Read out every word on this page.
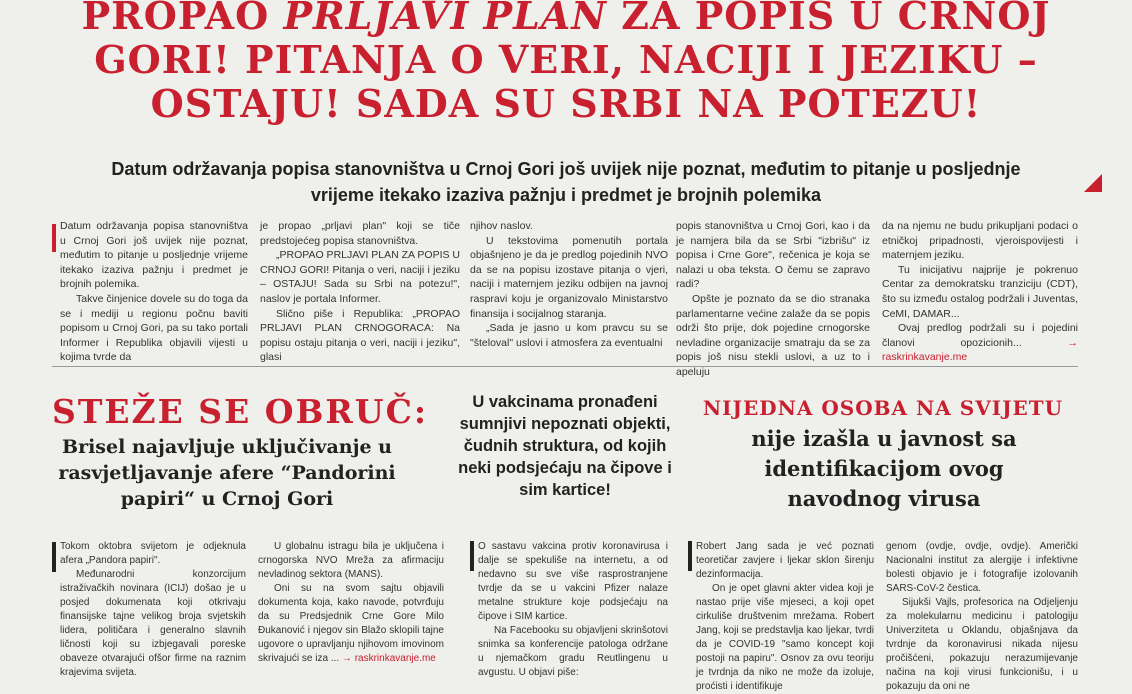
PROPAO PRLJAVI PLAN ZA POPIS U CRNOJ
GORI! PITANJA O VERI, NACIJI I JEZIKU –
OSTAJU! SADA SU SRBI NA POTEZU!
Datum održavanja popisa stanovništva u Crnoj Gori još uvijek nije poznat, međutim to pitanje u posljednje vrijeme itekako izaziva pažnju i predmet je brojnih polemika

Datum održavanja popisa stanovništva u Crnoj Gori još uvijek nije poznat, međutim to pitanje u posljednje vrijeme itekako izaziva pažnju i predmet je brojnih polemika.

Takve činjenice dovele su do toga da se i mediji u regionu počnu baviti popisom u Crnoj Gori, pa su tako portali Informer i Republika objavili vijesti u kojima tvrde da

je propao „prljavi plan" koji se tiče predstojećeg popisa stanovništva.

„PROPAO PRLJAVI PLAN ZA POPIS U CRNOJ GORI! Pitanja o veri, naciji i jeziku – OSTAJU! Sada su Srbi na potezu!", naslov je portala Informer.

Slično piše i Republika: „PROPAO PRLJAVI PLAN CRNOGORACA: Na popisu ostaju pitanja o veri, naciji i jeziku", glasi

njihov naslov.

U tekstovima pomenutih portala objašnjeno je da je predlog pojedinih NVO da se na popisu izostave pitanja o vjeri, naciji i maternjem jeziku odbijen na javnoj raspravi koju je organizovalo Ministarstvo finansija i socijalnog staranja.

„Sada je jasno u kom pravcu su se "šteloval" uslovi i atmosfera za eventualni

popis stanovništva u Crnoj Gori, kao i da je namjera bila da se Srbi "izbrišu" iz popisa i Crne Gore", rečenica je koja se nalazi u oba teksta. O čemu se zapravo radi?

Opšte je poznato da se dio stranaka parlamentarne većine zalaže da se popis održi što prije, dok pojedine crnogorske nevladine organizacije smatraju da se za popis još nisu stekli uslovi, a uz to i apeluju

da na njemu ne budu prikupljani podaci o etničkoj pripadnosti, vjeroispovijesti i maternjem jeziku.

Tu inicijativu najprije je pokrenuo Centar za demokratsku tranziciju (CDT), što su između ostalog podržali i Juventas, CeMI, DAMAR...

Ovaj predlog podržali su i pojedini članovi opozicionih...	→ raskrinkavanje.me

STEŽE SE OBRUČ:
Brisel najavljuje uključivanje u rasvjetljavanje afere “Pandorini papiri“ u Crnoj Gori

Tokom oktobra svijetom je odjeknula afera „Pandora papiri".

Međunarodni konzorcijum istraživačkih novinara (ICIJ) došao je u posjed dokumenata koji otkrivaju finansijske tajne velikog broja svjetskih lidera, političara i generalno slavnih ličnosti koji su izbjegavali poreske obaveze otvarajući ofšor firme na raznim krajevima svijeta.

U globalnu istragu bila je uključena i crnogorska NVO Mreža za afirmaciju nevladinog sektora (MANS).

Oni su na svom sajtu objavili dokumenta koja, kako navode, potvrđuju da su Predsjednik Crne Gore Milo Đukanović i njegov sin Blažo sklopili tajne ugovore o upravljanju njihovom imovinom skrivajući se iza ... → raskrinkavanje.me

U vakcinama pronađeni sumnjivi nepoznati objekti, čudnih struktura, od kojih neki podsjećaju na čipove i sim kartice!

O sastavu vakcina protiv koronavirusa i dalje se spekuliše na internetu, a od nedavno su sve više rasprostranjene tvrdje da se u vakcini Pfizer nalaze metalne strukture koje podsjećaju na čipove i SIM kartice.

Na Facebooku su objavljeni skrinšotovi snimka sa konferencije patologa održane u njemačkom gradu Reutlingenu u avgustu. U objavi piše:

NIJEDNA OSOBA NA SVIJETU
nije izašla u javnost sa identifikacijom ovog navodnog virusa

Robert Jang sada je već poznati teoretičar zavjere i ljekar sklon širenju dezinformacija.

On je opet glavni akter videa koji je nastao prije više mjeseci, a koji opet cirkuliše društvenim mrežama. Robert Jang, koji se predstavlja kao ljekar, tvrdi da je COVID-19 "samo koncept koji postoji na papiru". Osnov za ovu teoriju je tvrdnja da niko ne može da izoluje, proćisti i identifikuje

genom (ovdje, ovdje, ovdje). Američki Nacionalni institut za alergije i infektivne bolesti objavio je i fotografije izolovanih SARS-CoV-2 čestica.

Sijukši Vajls, profesorica na Odjeljenju za molekularnu medicinu i patologiju Univerziteta u Oklandu, objašnjava da tvrdnje da koronavirusi nikada nijesu pročišćeni, pokazuju nerazumijevanje načina na koji virusi funkcionišu, i u pokazuju da oni ne
